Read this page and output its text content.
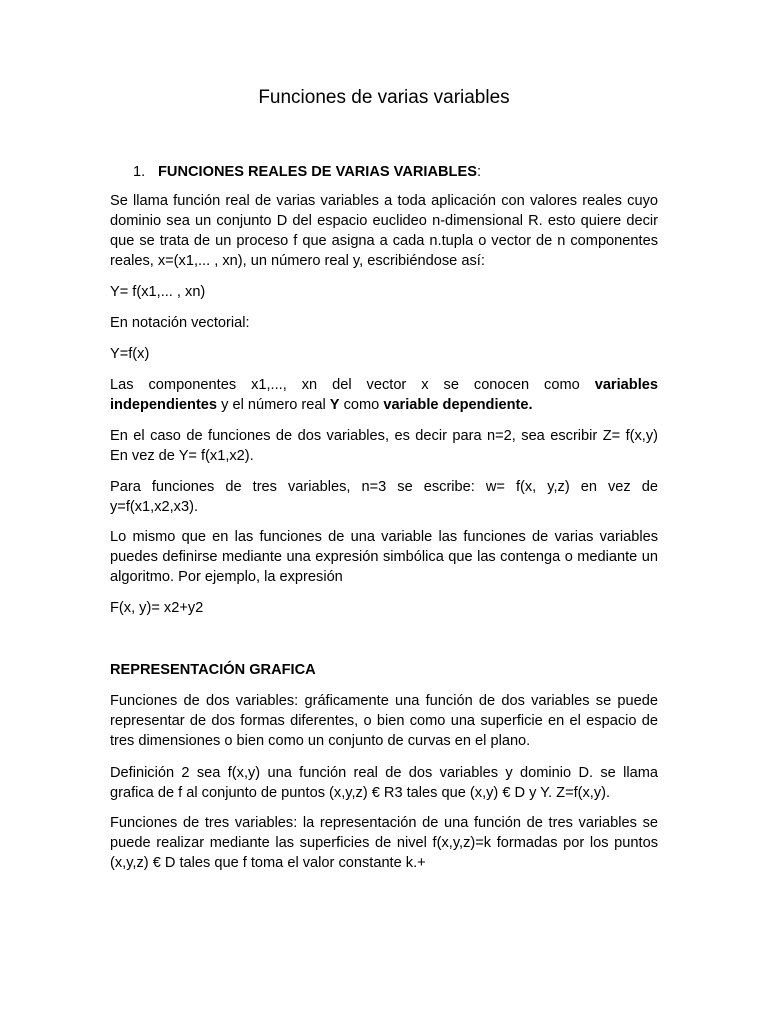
Funciones de varias variables

1. FUNCIONES REALES DE VARIAS VARIABLES:

Se llama función real de varias variables a toda aplicación con valores reales cuyo dominio sea un conjunto D del espacio euclideo n-dimensional R. esto quiere decir que se trata de un proceso f que asigna a cada n.tupla o vector de n componentes reales, x=(x1,... , xn), un número real y, escribiéndose así:

Y= f(x1,... , xn)

En notación vectorial:

Y=f(x)

Las componentes x1,..., xn del vector x se conocen como variables independientes y el número real Y como variable dependiente.

En el caso de funciones de dos variables, es decir para n=2, sea escribir Z= f(x,y) En vez de Y= f(x1,x2).

Para funciones de tres variables, n=3 se escribe: w= f(x, y,z) en vez de y=f(x1,x2,x3).

Lo mismo que en las funciones de una variable las funciones de varias variables puedes definirse mediante una expresión simbólica que las contenga o mediante un algoritmo. Por ejemplo, la expresión

F(x, y)= x2+y2

REPRESENTACIÓN GRAFICA

Funciones de dos variables: gráficamente una función de dos variables se puede representar de dos formas diferentes, o bien como una superficie en el espacio de tres dimensiones o bien como un conjunto de curvas en el plano.

Definición 2 sea f(x,y) una función real de dos variables y dominio D. se llama grafica de f al conjunto de puntos (x,y,z) € R3 tales que (x,y) € D y Y. Z=f(x,y).

Funciones de tres variables: la representación de una función de tres variables se puede realizar mediante las superficies de nivel f(x,y,z)=k formadas por los puntos (x,y,z) € D tales que f toma el valor constante k.+
